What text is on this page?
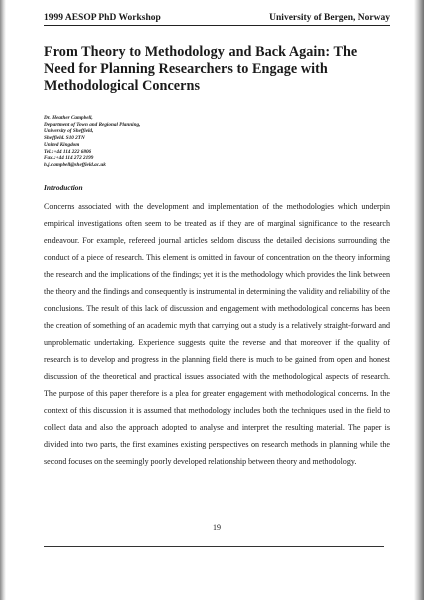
1999 AESOP PhD Workshop	University of Bergen, Norway
From Theory to Methodology and Back Again: The Need for Planning Researchers to Engage with Methodological Concerns
Dr. Heather Campbell,
Department of Town and Regional Planning,
University of Sheffield,
Sheffield. S10 2TN
United Kingdom
Tel.:+44 114 222 6806
Fax.:+44 114 272 2199
h.j.campbell@sheffield.ac.uk
Introduction

Concerns associated with the development and implementation of the methodologies which underpin empirical investigations often seem to be treated as if they are of marginal significance to the research endeavour. For example, refereed journal articles seldom discuss the detailed decisions surrounding the conduct of a piece of research. This element is omitted in favour of concentration on the theory informing the research and the implications of the findings; yet it is the methodology which provides the link between the theory and the findings and consequently is instrumental in determining the validity and reliability of the conclusions. The result of this lack of discussion and engagement with methodological concerns has been the creation of something of an academic myth that carrying out a study is a relatively straight-forward and unproblematic undertaking. Experience suggests quite the reverse and that moreover if the quality of research is to develop and progress in the planning field there is much to be gained from open and honest discussion of the theoretical and practical issues associated with the methodological aspects of research. The purpose of this paper therefore is a plea for greater engagement with methodological concerns. In the context of this discussion it is assumed that methodology includes both the techniques used in the field to collect data and also the approach adopted to analyse and interpret the resulting material. The paper is divided into two parts, the first examines existing perspectives on research methods in planning while the second focuses on the seemingly poorly developed relationship between theory and methodology.

19
